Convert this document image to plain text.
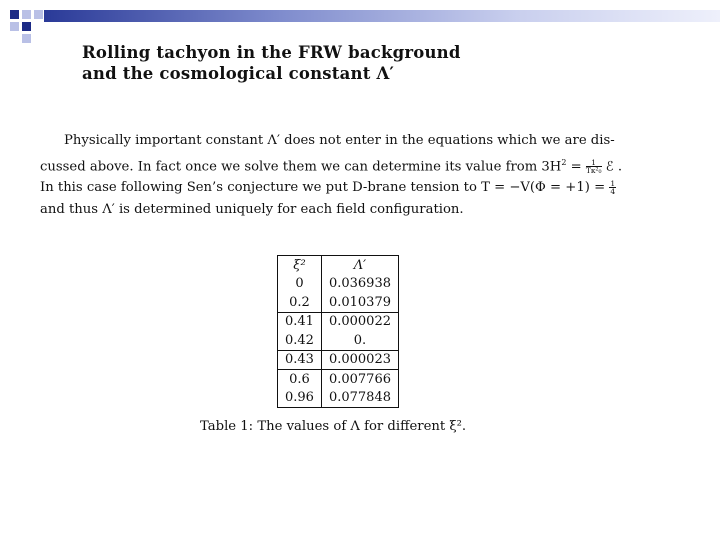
Rolling tachyon in the FRW background
and the cosmological constant Λ′

Physically important constant Λ′ does not enter in the equations which we are dis-

cussed above. In fact once we solve them we can determine its value from $3H^2 = \frac{1}{\text{Tκ²₀}}$ ℰ .
In this case following Sen’s conjecture we put D-brane tension to $T = -V(\Phi = +1) = \frac{1}{4}$
and thus Λ′ is determined uniquely for each field configuration.
ξ²	Λ′
0	0.036938
0.2	0.010379
0.41	0.000022
0.42	0.
0.43	0.000023
0.6	0.007766
0.96	0.077848
Table 1: The values of Λ for different ξ².
